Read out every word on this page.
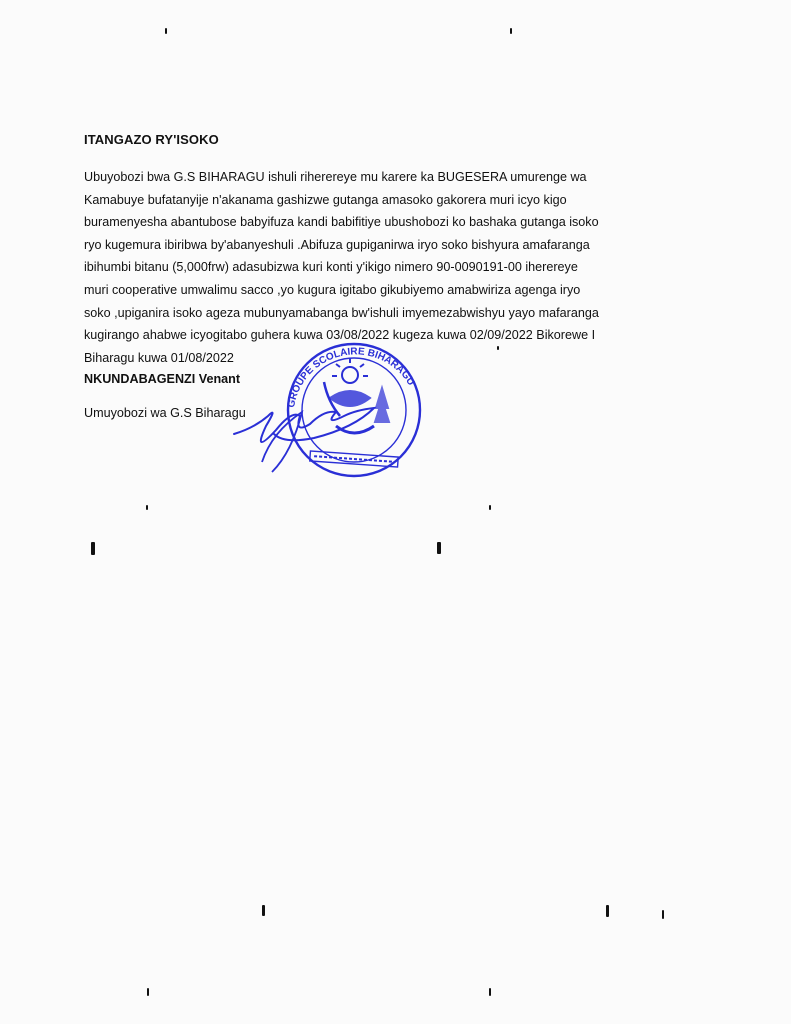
ITANGAZO RY'ISOKO
Ubuyobozi bwa G.S BIHARAGU ishuli riherereye mu karere ka BUGESERA umurenge wa
Kamabuye bufatanyije n'akanama gashizwe gutanga amasoko gakorera muri icyo kigo
buramenyesha abantubose babyifuza kandi babifitiye ubushobozi ko bashaka gutanga isoko
ryo kugemura ibiribwa by'abanyeshuli .Abifuza gupiganirwa iryo soko bishyura amafaranga
ibihumbi bitanu (5,000frw) adasubizwa kuri konti y'ikigo nimero 90-0090191-00 iherereye
muri cooperative umwalimu sacco ,yo kugura igitabo gikubiyemo amabwiriza agenga iryo
soko ,upiganira isoko ageza mubunyamabanga bw'ishuli imyemezabwishyu yayo mafaranga
kugirango ahabwe icyogitabo guhera kuwa 03/08/2022 kugeza kuwa 02/09/2022 Bikorewe I
Biharagu kuwa 01/08/2022
NKUNDABAGENZI Venant
Umuyobozi wa G.S Biharagu
GROUPE SCOLAIRE BIHARAGU
